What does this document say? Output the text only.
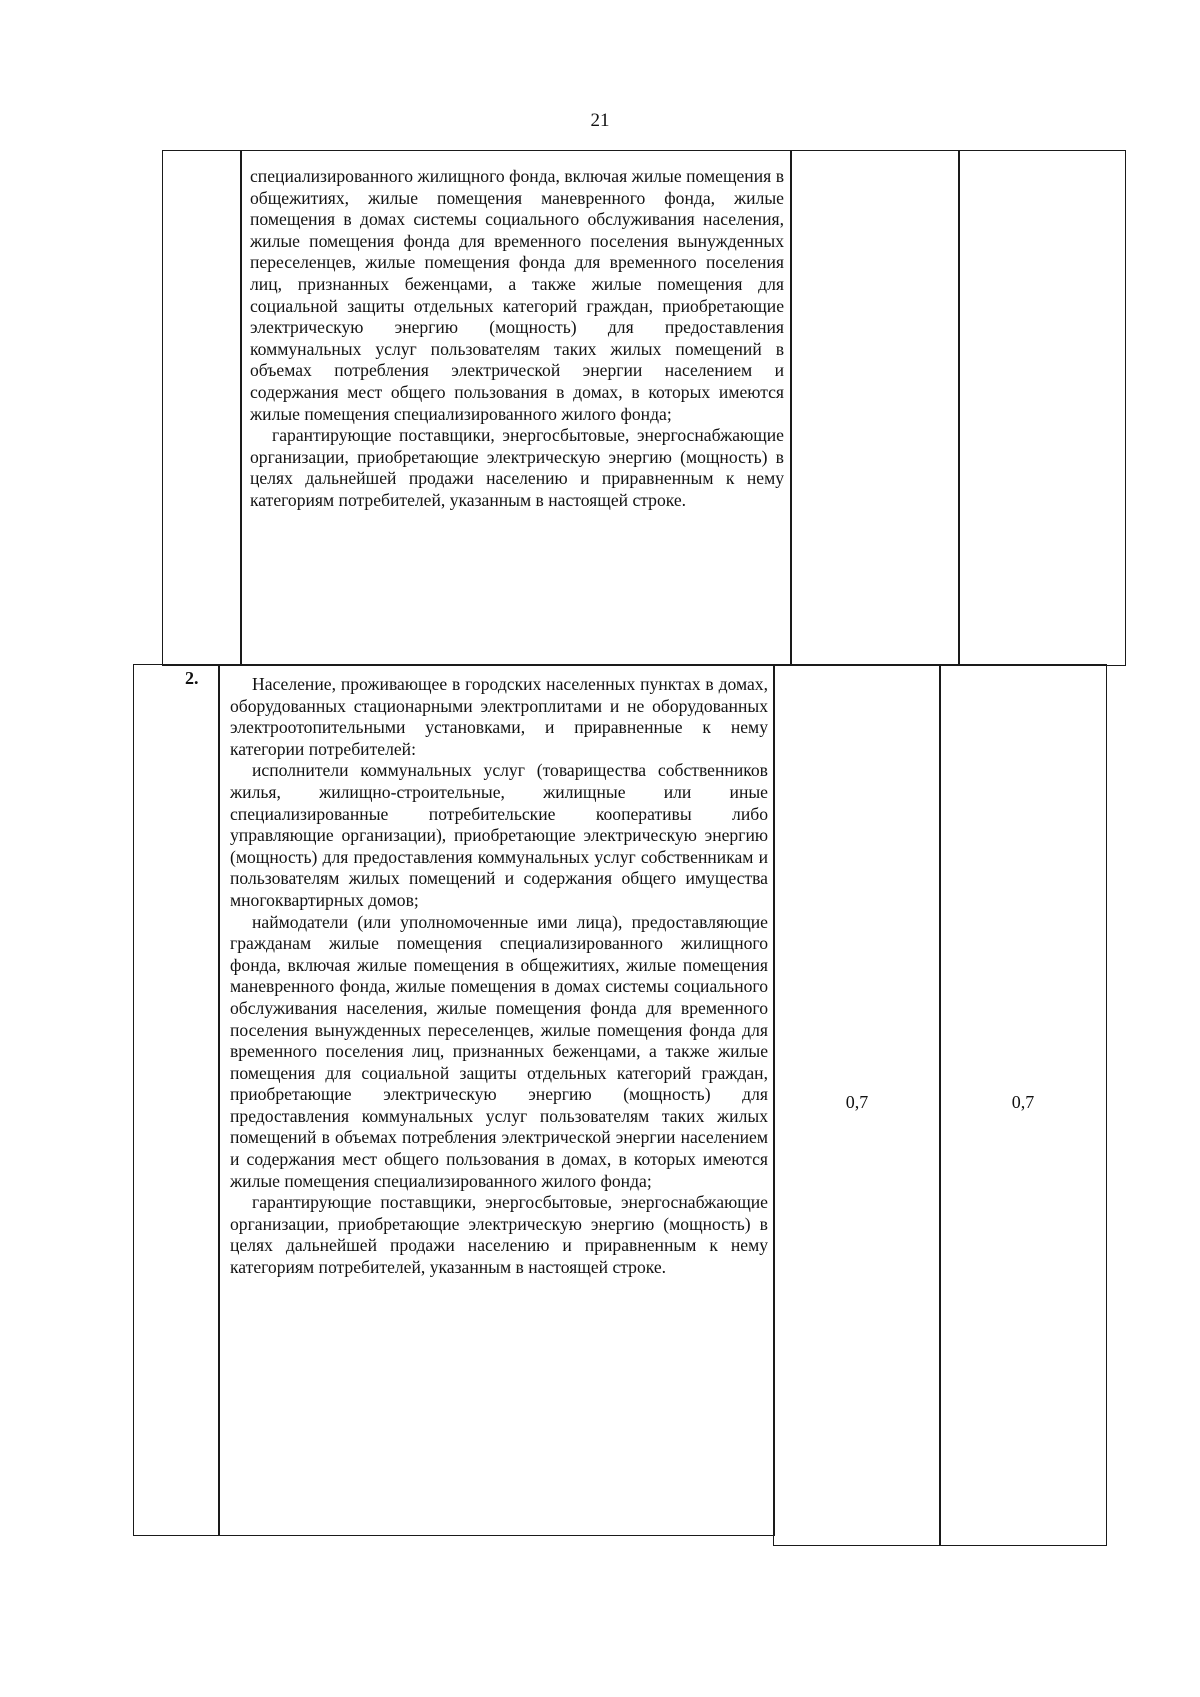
21

специализированного жилищного фонда, включая жилые помещения в общежитиях, жилые помещения маневренного фонда, жилые помещения в домах системы социального обслуживания населения, жилые помещения фонда для временного поселения вынужденных переселенцев, жилые помещения фонда для временного поселения лиц, признанных беженцами, а также жилые помещения для социальной защиты отдельных категорий граждан, приобретающие электрическую энергию (мощность) для предоставления коммунальных услуг пользователям таких жилых помещений в объемах потребления электрической энергии населением и содержания мест общего пользования в домах, в которых имеются жилые помещения специализированного жилого фонда;

гарантирующие поставщики, энергосбытовые, энергоснабжающие организации, приобретающие электрическую энергию (мощность) в целях дальнейшей продажи населению и приравненным к нему категориям потребителей, указанным в настоящей строке.

2.	Население, проживающее в городских населенных пунктах в домах, оборудованных стационарными электроплитами и не оборудованных электроотопительными установками, и приравненные к нему категории потребителей:

исполнители коммунальных услуг (товарищества собственников жилья, жилищно-строительные, жилищные или иные специализированные потребительские кооперативы либо управляющие организации), приобретающие электрическую энергию (мощность) для предоставления коммунальных услуг собственникам и пользователям жилых помещений и содержания общего имущества многоквартирных домов;

наймодатели (или уполномоченные ими лица), предоставляющие гражданам жилые помещения специализированного жилищного фонда, включая жилые помещения в общежитиях, жилые помещения маневренного фонда, жилые помещения в домах системы социального обслуживания населения, жилые помещения фонда для временного поселения вынужденных переселенцев, жилые помещения фонда для временного поселения лиц, признанных беженцами, а также жилые помещения для социальной защиты отдельных категорий граждан, приобретающие электрическую энергию (мощность) для предоставления коммунальных услуг пользователям таких жилых помещений в объемах потребления электрической энергии населением и содержания мест общего пользования в домах, в которых имеются жилые помещения специализированного жилого фонда;

гарантирующие поставщики, энергосбытовые, энергоснабжающие организации, приобретающие электрическую энергию (мощность) в целях дальнейшей продажи населению и приравненным к нему категориям потребителей, указанным в настоящей строке.

0,7	0,7
